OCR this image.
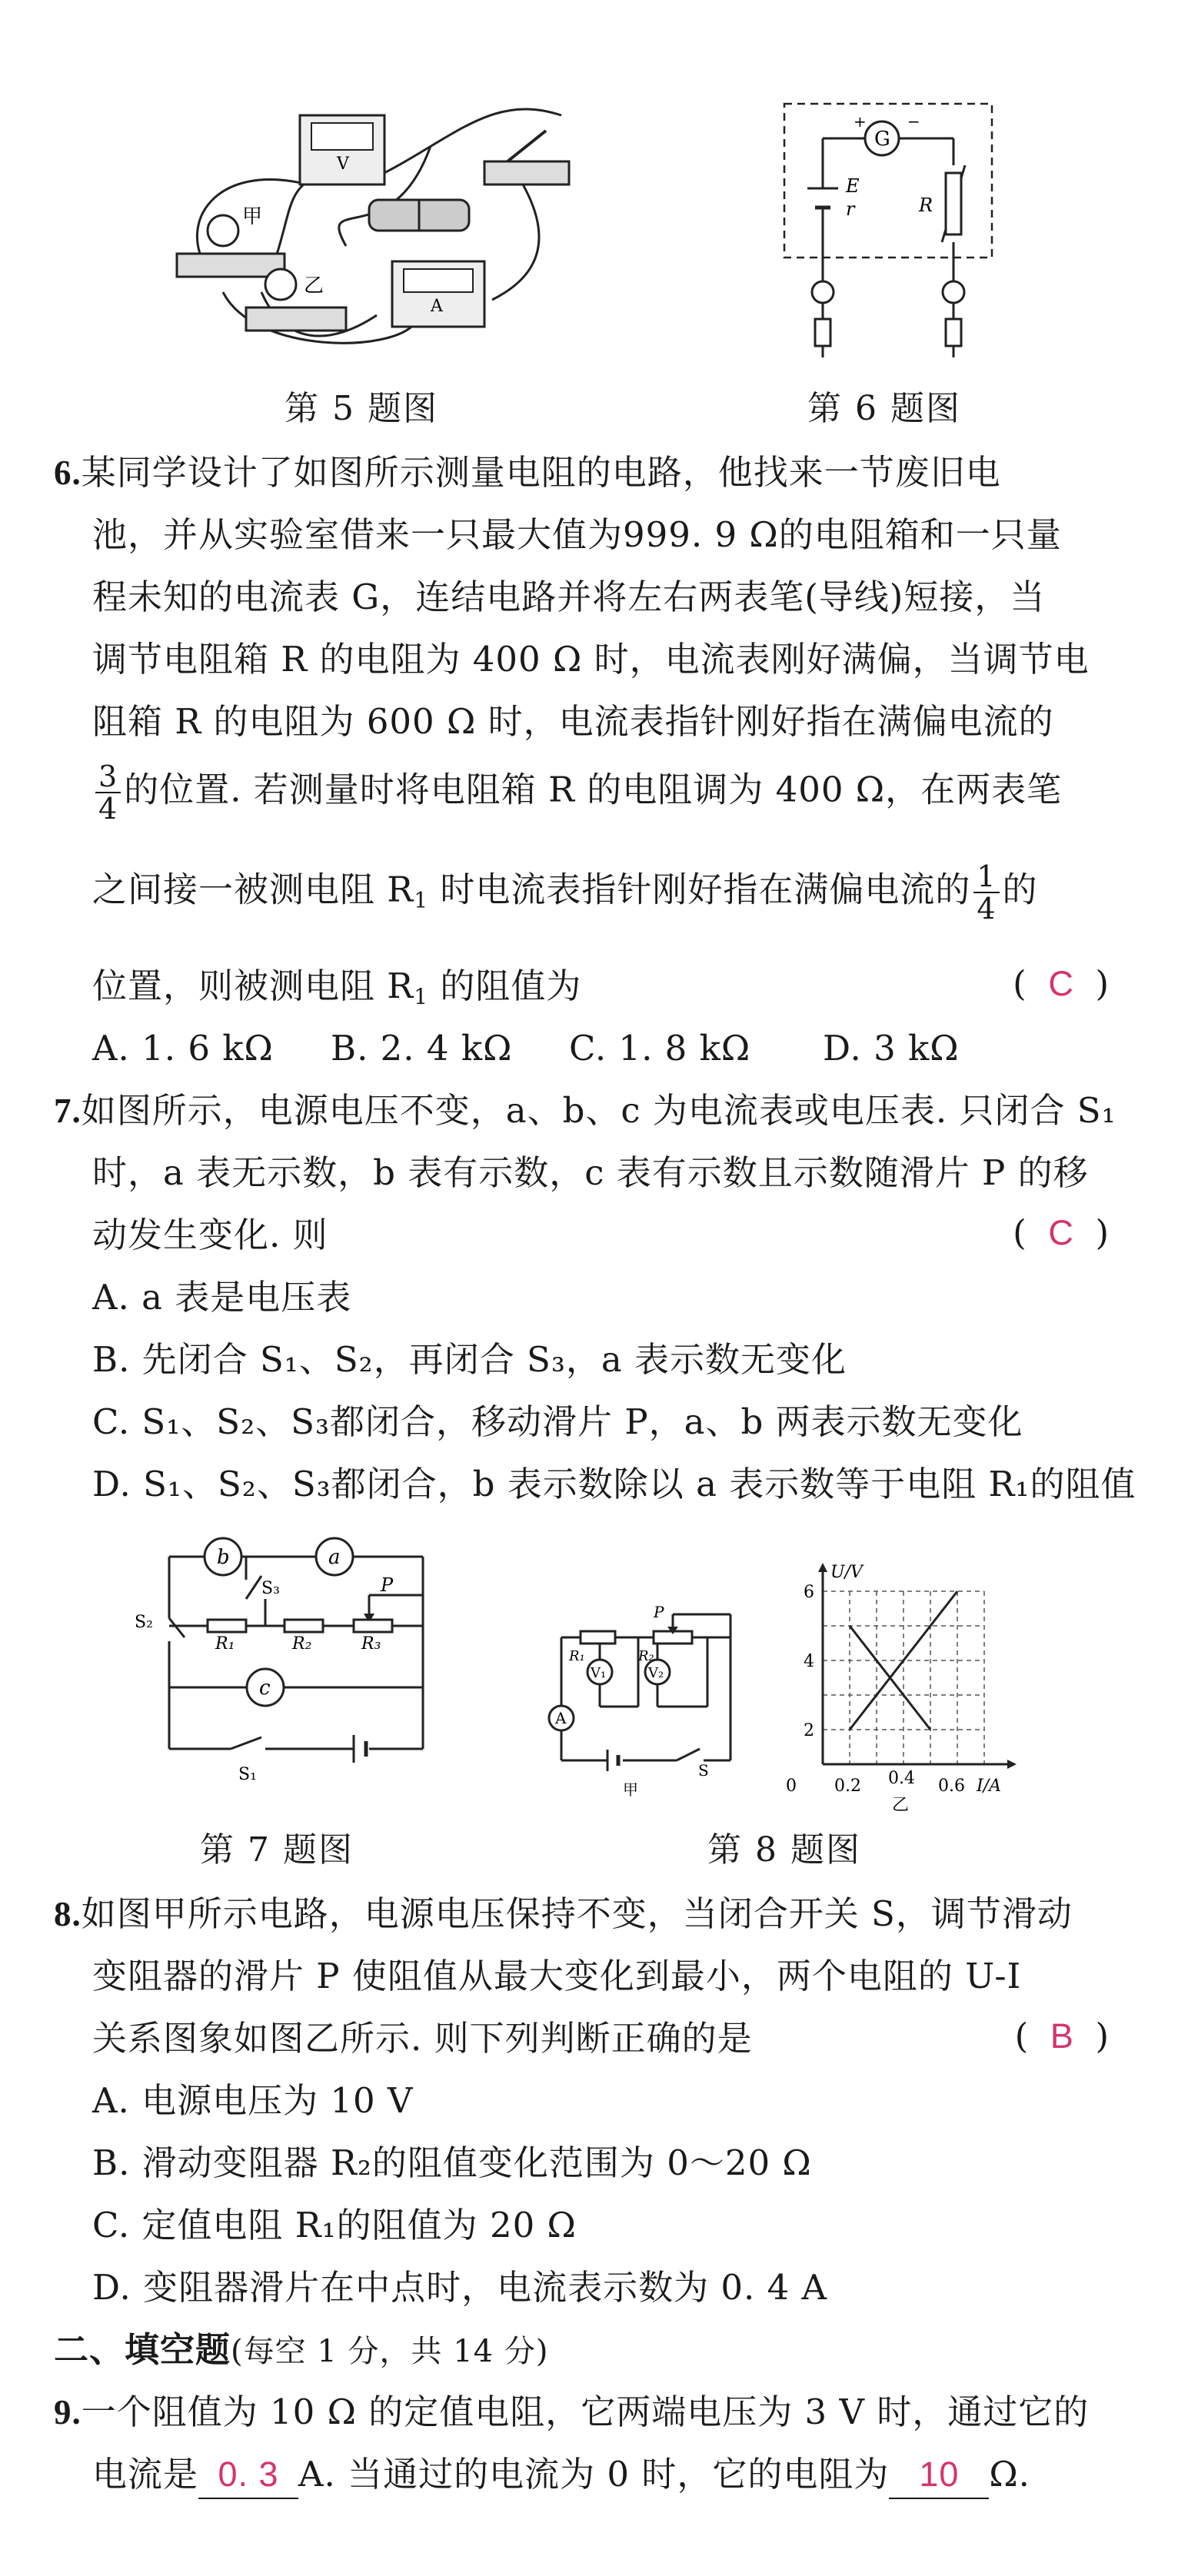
V
甲
乙
A
第 5 题图
G
+	−
E
r	R
第 6 题图
6.某同学设计了如图所示测量电阻的电路，他找来一节废旧电
池，并从实验室借来一只最大值为999. 9 Ω的电阻箱和一只量
程未知的电流表 G，连结电路并将左右两表笔(导线)短接，当
调节电阻箱 R 的电阻为 400 Ω 时，电流表刚好满偏，当调节电
阻箱 R 的电阻为 600 Ω 时，电流表指针刚好指在满偏电流的
$\frac{3}{4}$ 的位置. 若测量时将电阻箱 R 的电阻调为 400 Ω，在两表笔
之间接一被测电阻 $R_1$ 时电流表指针刚好指在满偏电流的 $\frac{1}{4}$ 的
位置，则被测电阻 $R_1$ 的阻值为	( C )
A. 1. 6 kΩ B. 2. 4 kΩ C. 1. 8 kΩ D. 3 kΩ
7.如图所示，电源电压不变，a、b、c 为电流表或电压表. 只闭合 S₁
时，a 表无示数，b 表有示数，c 表有示数且示数随滑片 P 的移
动发生变化. 则	( C )
A. a 表是电压表
B. 先闭合 S₁、S₂，再闭合 S₃，a 表示数无变化
C. S₁、S₂、S₃都闭合，移动滑片 P，a、b 两表示数无变化
D. S₁、S₂、S₃都闭合，b 表示数除以 a 表示数等于电阻 R₁的阻值
b	a
c
S₃
S₂
R₁	R₂	R₃
P
S₁
第 7 题图
V₁	V₂
A
R₁	R₂
P
S
甲
U/V
6
4
2
0 0.2 0.4 0.6 I/A
乙
第 8 题图
8.如图甲所示电路，电源电压保持不变，当闭合开关 S，调节滑动
变阻器的滑片 P 使阻值从最大变化到最小，两个电阻的 U-I
关系图象如图乙所示. 则下列判断正确的是	( B )
A. 电源电压为 10 V
B. 滑动变阻器 R₂的阻值变化范围为 0～20 Ω
C. 定值电阻 R₁的阻值为 20 Ω
D. 变阻器滑片在中点时，电流表示数为 0. 4 A
二、填空题(每空 1 分，共 14 分)
9.一个阻值为 10 Ω 的定值电阻，它两端电压为 3 V 时，通过它的
电流是 0. 3 A. 当通过的电流为 0 时，它的电阻为 10 Ω.
